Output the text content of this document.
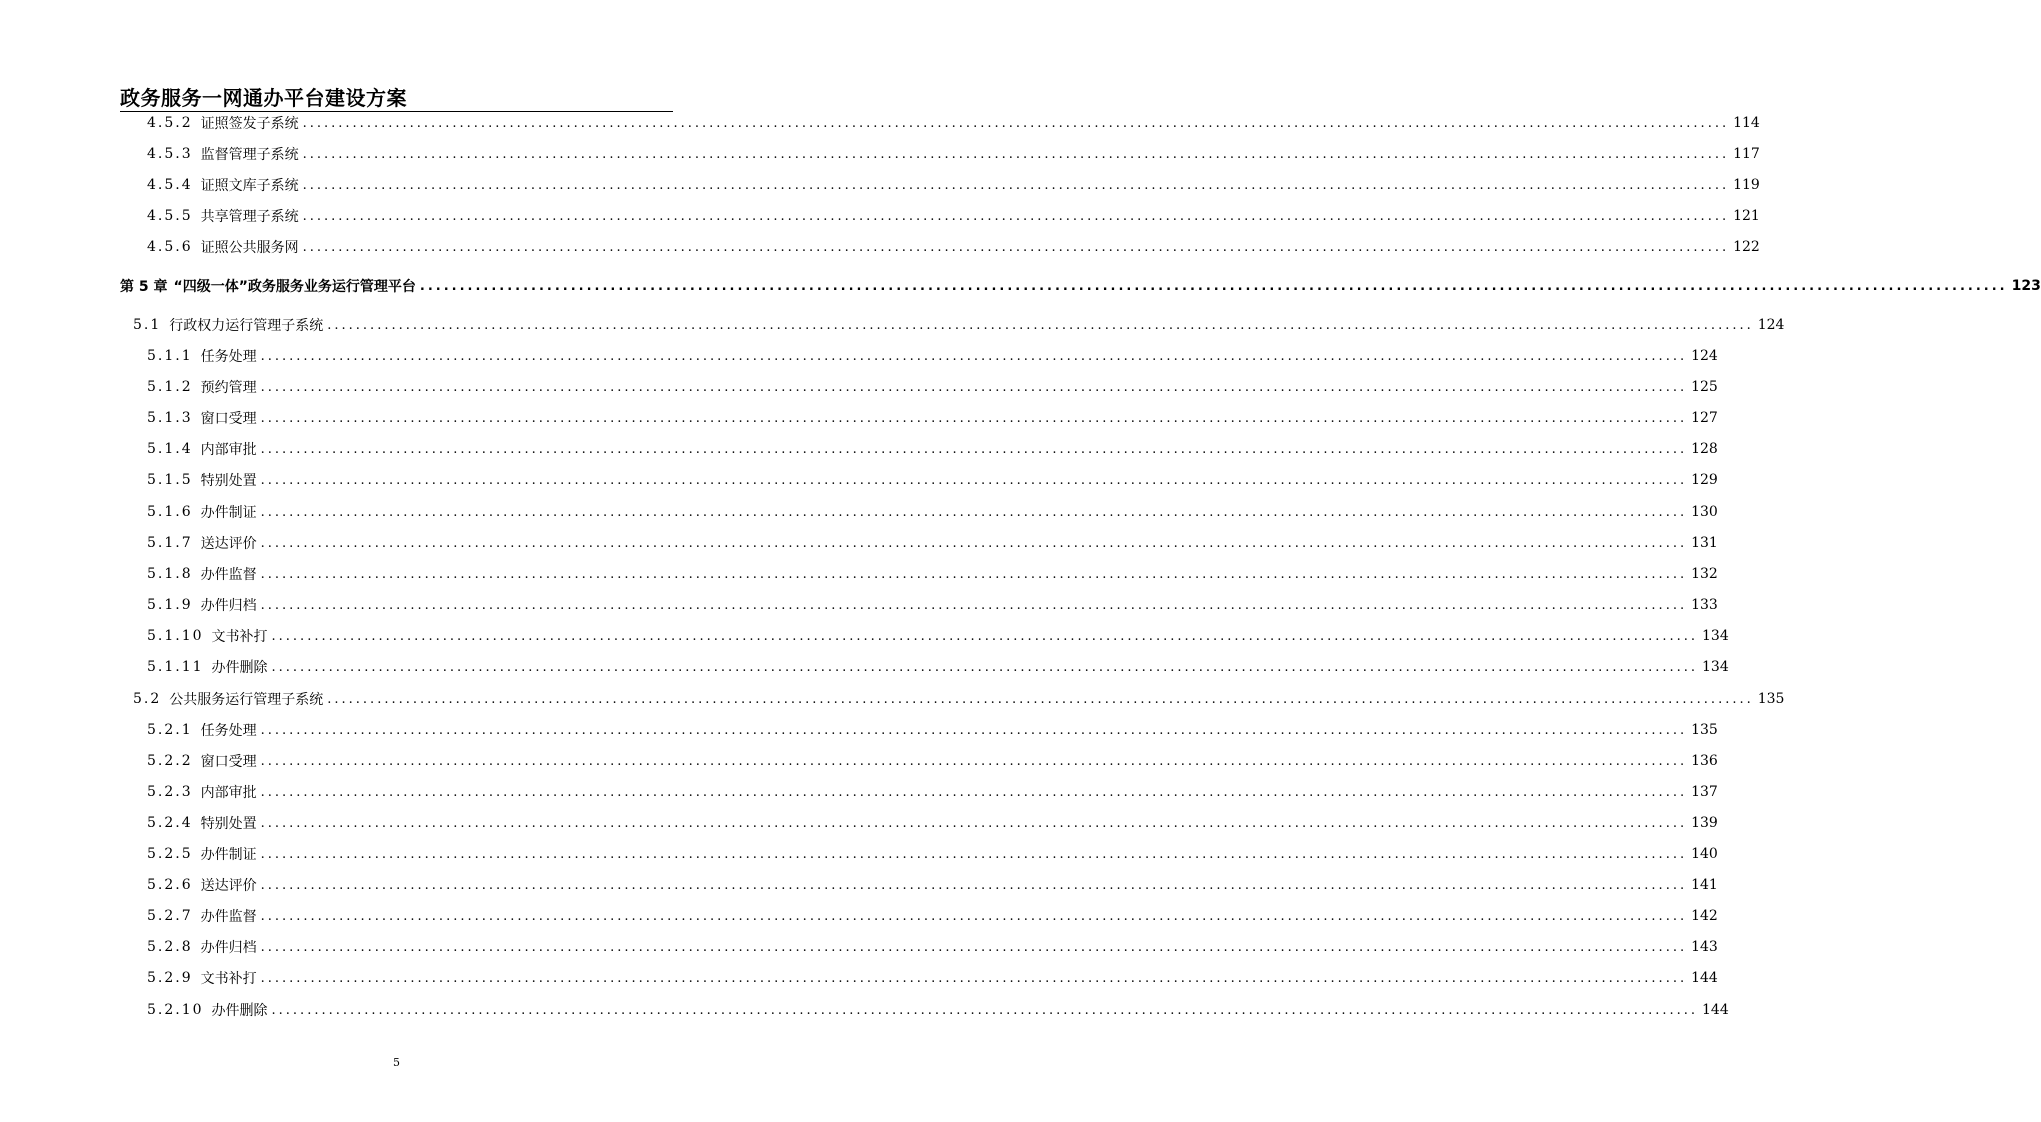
政务服务一网通办平台建设方案
4.5.2 证照签发子系统 ........................................................................................................................................................................................................ 114
4.5.3 监督管理子系统 ........................................................................................................................................................................................................ 117
4.5.4 证照文库子系统 ........................................................................................................................................................................................................ 119
4.5.5 共享管理子系统 ........................................................................................................................................................................................................ 121
4.5.6 证照公共服务网 ........................................................................................................................................................................................................ 122
第 5 章 “四级一体”政务服务业务运行管理平台 ........................................................................................................................................................................................................ 123
5.1 行政权力运行管理子系统 ........................................................................................................................................................................................................ 124
5.1.1 任务处理 ........................................................................................................................................................................................................ 124
5.1.2 预约管理 ........................................................................................................................................................................................................ 125
5.1.3 窗口受理 ........................................................................................................................................................................................................ 127
5.1.4 内部审批 ........................................................................................................................................................................................................ 128
5.1.5 特别处置 ........................................................................................................................................................................................................ 129
5.1.6 办件制证 ........................................................................................................................................................................................................ 130
5.1.7 送达评价 ........................................................................................................................................................................................................ 131
5.1.8 办件监督 ........................................................................................................................................................................................................ 132
5.1.9 办件归档 ........................................................................................................................................................................................................ 133
5.1.10 文书补打 ........................................................................................................................................................................................................ 134
5.1.11 办件删除 ........................................................................................................................................................................................................ 134
5.2 公共服务运行管理子系统 ........................................................................................................................................................................................................ 135
5.2.1 任务处理 ........................................................................................................................................................................................................ 135
5.2.2 窗口受理 ........................................................................................................................................................................................................ 136
5.2.3 内部审批 ........................................................................................................................................................................................................ 137
5.2.4 特别处置 ........................................................................................................................................................................................................ 139
5.2.5 办件制证 ........................................................................................................................................................................................................ 140
5.2.6 送达评价 ........................................................................................................................................................................................................ 141
5.2.7 办件监督 ........................................................................................................................................................................................................ 142
5.2.8 办件归档 ........................................................................................................................................................................................................ 143
5.2.9 文书补打 ........................................................................................................................................................................................................ 144
5.2.10 办件删除 ........................................................................................................................................................................................................ 144
5
